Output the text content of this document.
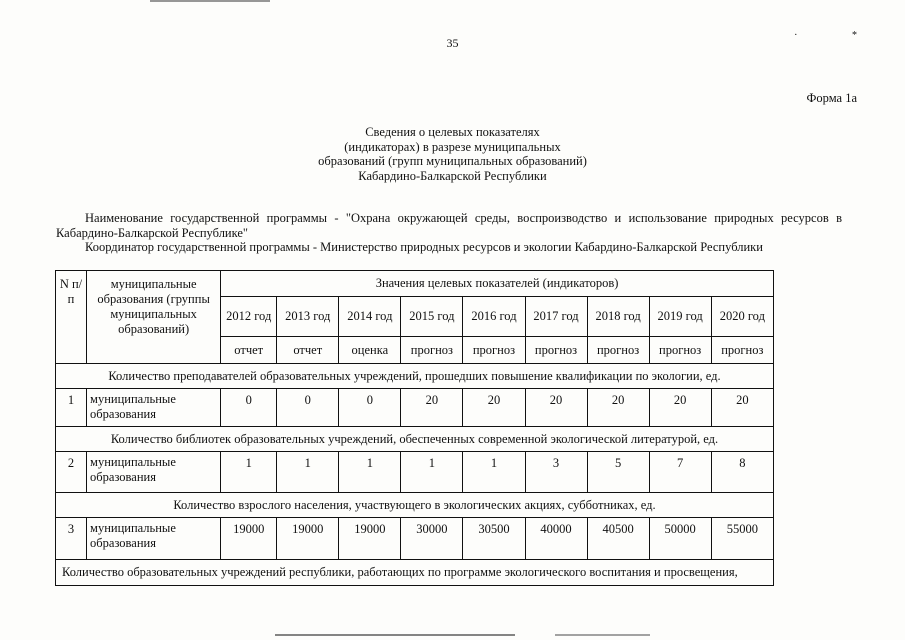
· *
35
Форма 1а
Сведения о целевых показателях
(индикаторах) в разрезе муниципальных
образований (групп муниципальных образований)
Кабардино-Балкарской Республики

Наименование государственной программы - "Охрана окружающей среды, воспроизводство и использование природных ресурсов в Кабардино-Балкарской Республике"

Координатор государственной программы - Министерство природных ресурсов и экологии Кабардино-Балкарской Республики
N п/п	муниципальные образования (группы муниципальных образований)	Значения целевых показателей (индикаторов)								
		2012 год	2013 год	2014 год	2015 год	2016 год	2017 год	2018 год	2019 год	2020 год
		отчет	отчет	оценка	прогноз	прогноз	прогноз	прогноз	прогноз	прогноз
Количество преподавателей образовательных учреждений, прошедших повышение квалификации по экологии, ед.										
1	муниципальные образования	0	0	0	20	20	20	20	20	20
Количество библиотек образовательных учреждений, обеспеченных современной экологической литературой, ед.										
2	муниципальные образования	1	1	1	1	1	3	5	7	8
Количество взрослого населения, участвующего в экологических акциях, субботниках, ед.										
3	муниципальные образования	19000	19000	19000	30000	30500	40000	40500	50000	55000
Количество образовательных учреждений республики, работающих по программе экологического воспитания и просвещения,										
